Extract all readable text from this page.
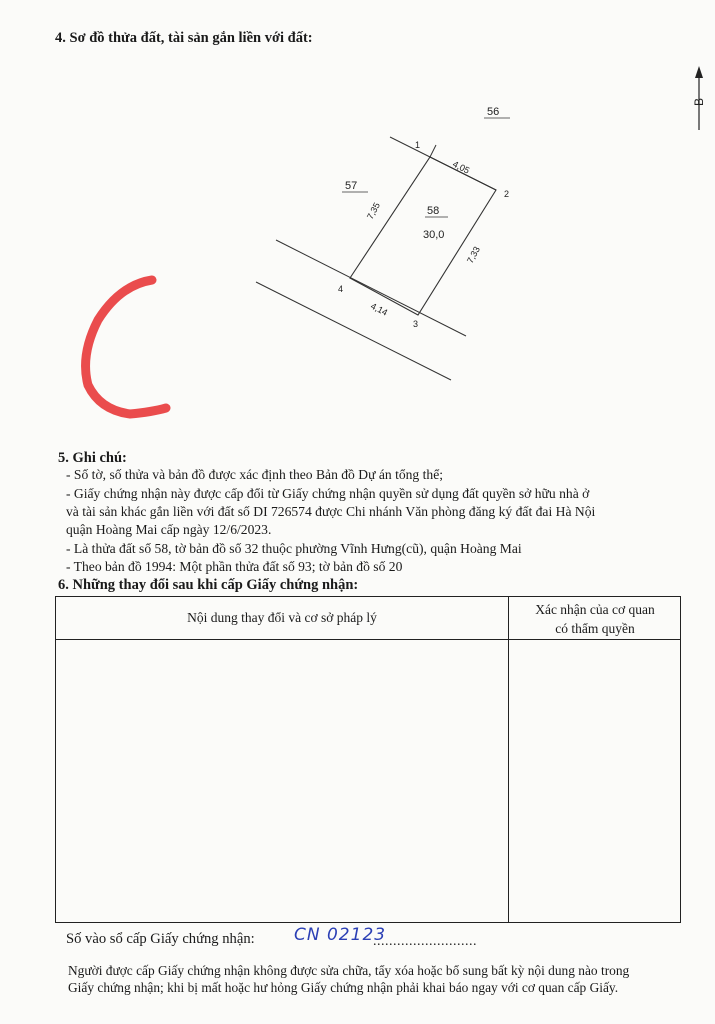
4. Sơ đồ thửa đất, tài sản gắn liền với đất:
56
57
58
30,0
1
2
3
4
4,05
7,33
4,14
7,35
B
5. Ghi chú:
- Số tờ, số thửa và bản đồ được xác định theo Bản đồ Dự án tổng thể;
- Giấy chứng nhận này được cấp đổi từ Giấy chứng nhận quyền sử dụng đất quyền sở hữu nhà ở
và tài sản khác gắn liền với đất số DI 726574 được Chi nhánh Văn phòng đăng ký đất đai Hà Nội
quận Hoàng Mai cấp ngày 12/6/2023.
- Là thửa đất số 58, tờ bản đồ số 32 thuộc phường Vĩnh Hưng(cũ), quận Hoàng Mai
- Theo bản đồ 1994: Một phần thửa đất số 93; tờ bản đồ số 20
6. Những thay đổi sau khi cấp Giấy chứng nhận:
Nội dung thay đổi và cơ sở pháp lý
Xác nhận của cơ quan
có thẩm quyền
Số vào sổ cấp Giấy chứng nhận:	..........................
CN 02123
Người được cấp Giấy chứng nhận không được sửa chữa, tẩy xóa hoặc bổ sung bất kỳ nội dung nào trong
Giấy chứng nhận; khi bị mất hoặc hư hỏng Giấy chứng nhận phải khai báo ngay với cơ quan cấp Giấy.
